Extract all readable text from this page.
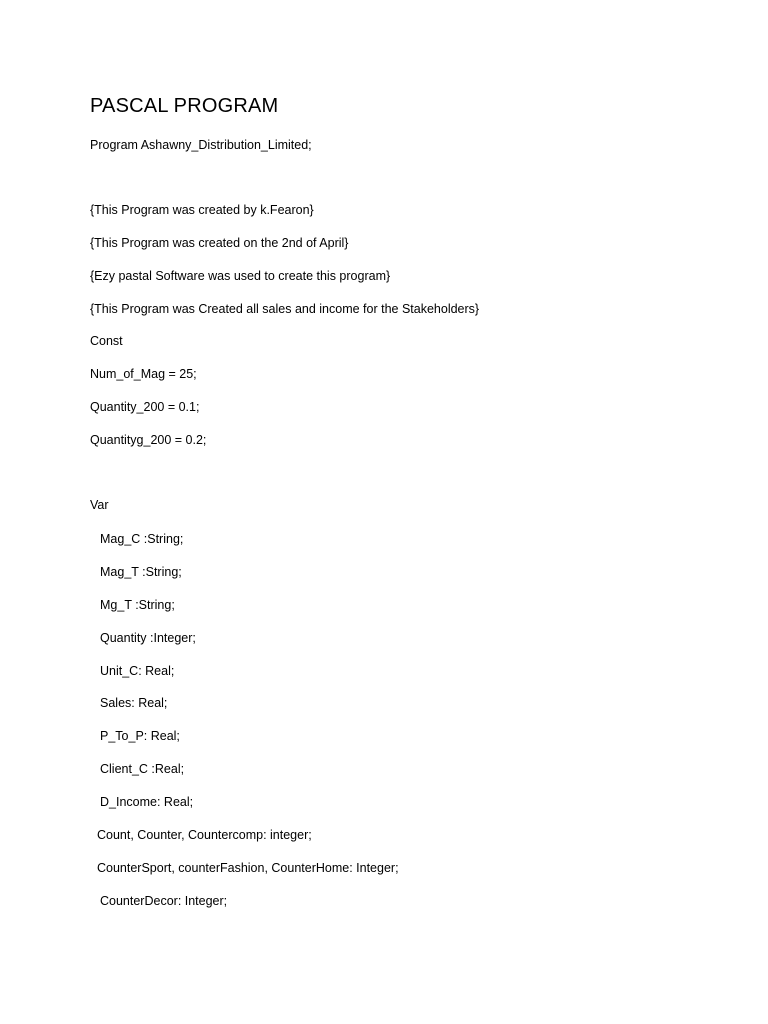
PASCAL PROGRAM
Program Ashawny_Distribution_Limited;
{This Program was created by k.Fearon}
{This Program was created on the 2nd of April}
{Ezy pastal Software was used to create this program}
{This Program was Created all sales and income for the Stakeholders}
Const
Num_of_Mag = 25;
Quantity_200 = 0.1;
Quantityg_200 = 0.2;
Var
Mag_C :String;
Mag_T :String;
Mg_T :String;
Quantity :Integer;
Unit_C: Real;
Sales: Real;
P_To_P: Real;
Client_C :Real;
D_Income: Real;
Count, Counter, Countercomp: integer;
CounterSport, counterFashion, CounterHome: Integer;
CounterDecor: Integer;
